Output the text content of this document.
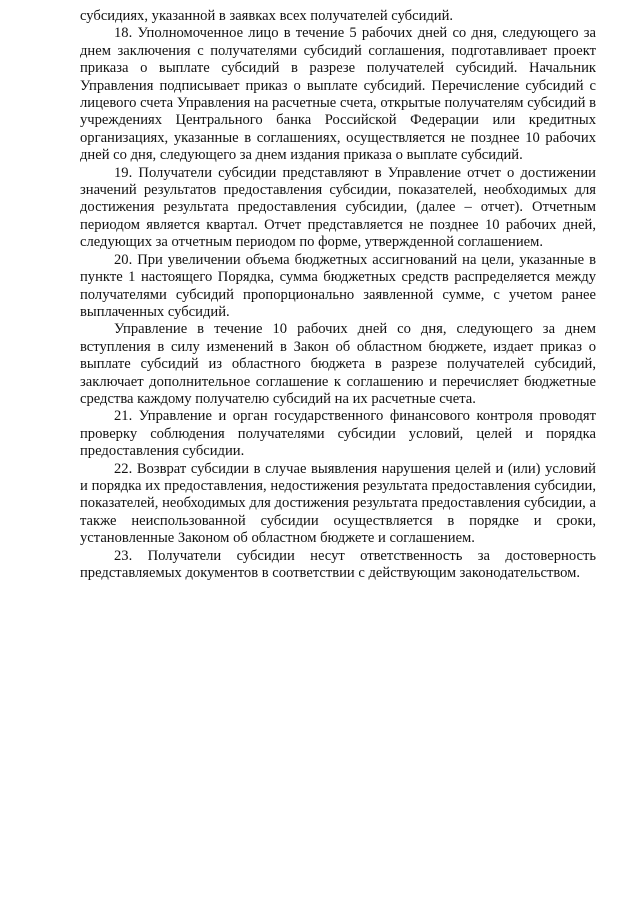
субсидиях, указанной в заявках всех получателей субсидий.

18. Уполномоченное лицо в течение 5 рабочих дней со дня, следующего за днем заключения с получателями субсидий соглашения, подготавливает проект приказа о выплате субсидий в разрезе получателей субсидий. Начальник Управления подписывает приказ о выплате субсидий. Перечисление субсидий с лицевого счета Управления на расчетные счета, открытые получателям субсидий в учреждениях Центрального банка Российской Федерации или кредитных организациях, указанные в соглашениях, осуществляется не позднее 10 рабочих дней со дня, следующего за днем издания приказа о выплате субсидий.

19. Получатели субсидии представляют в Управление отчет о достижении значений результатов предоставления субсидии, показателей, необходимых для достижения результата предоставления субсидии, (далее – отчет). Отчетным периодом является квартал. Отчет представляется не позднее 10 рабочих дней, следующих за отчетным периодом по форме, утвержденной соглашением.

20. При увеличении объема бюджетных ассигнований на цели, указанные в пункте 1 настоящего Порядка, сумма бюджетных средств распределяется между получателями субсидий пропорционально заявленной сумме, с учетом ранее выплаченных субсидий.

Управление в течение 10 рабочих дней со дня, следующего за днем вступления в силу изменений в Закон об областном бюджете, издает приказ о выплате субсидий из областного бюджета в разрезе получателей субсидий, заключает дополнительное соглашение к соглашению и перечисляет бюджетные средства каждому получателю субсидий на их расчетные счета.

21. Управление и орган государственного финансового контроля проводят проверку соблюдения получателями субсидии условий, целей и порядка предоставления субсидии.

22. Возврат субсидии в случае выявления нарушения целей и (или) условий и порядка их предоставления, недостижения результата предоставления субсидии, показателей, необходимых для достижения результата предоставления субсидии, а также неиспользованной субсидии осуществляется в порядке и сроки, установленные Законом об областном бюджете и соглашением.

23. Получатели субсидии несут ответственность за достоверность представляемых документов в соответствии с действующим законодательством.
